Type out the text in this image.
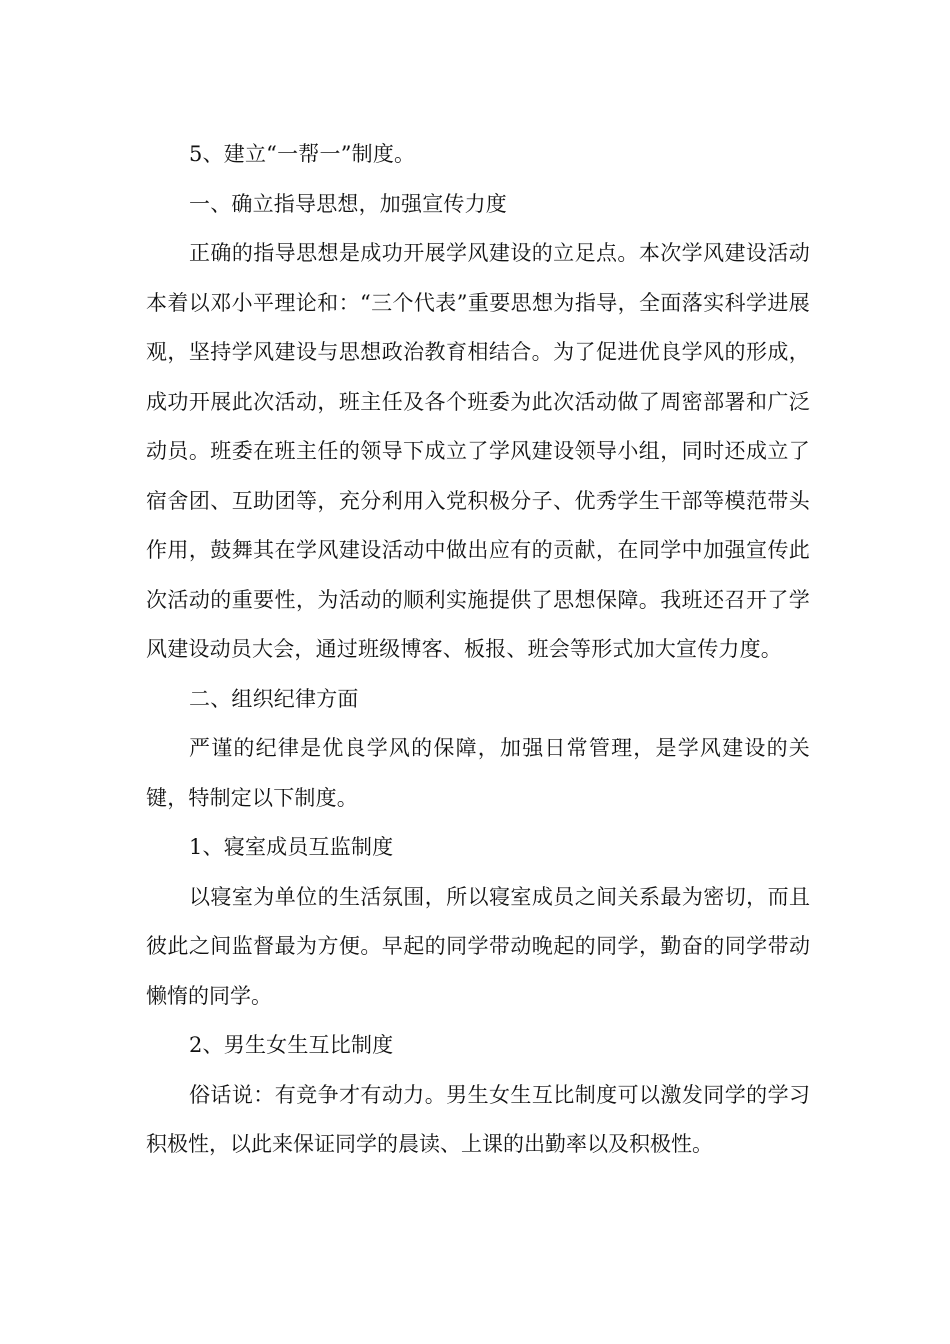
5、建立“一帮一”制度。

一、确立指导思想，加强宣传力度

正确的指导思想是成功开展学风建设的立足点。本次学风建设活动本着以邓小平理论和：“三个代表”重要思想为指导，全面落实科学进展观，坚持学风建设与思想政治教育相结合。为了促进优良学风的形成，成功开展此次活动，班主任及各个班委为此次活动做了周密部署和广泛动员。班委在班主任的领导下成立了学风建设领导小组，同时还成立了宿舍团、互助团等，充分利用入党积极分子、优秀学生干部等模范带头作用，鼓舞其在学风建设活动中做出应有的贡献，在同学中加强宣传此次活动的重要性，为活动的顺利实施提供了思想保障。我班还召开了学风建设动员大会，通过班级博客、板报、班会等形式加大宣传力度。

二、组织纪律方面

严谨的纪律是优良学风的保障，加强日常管理，是学风建设的关键，特制定以下制度。

1、寝室成员互监制度

以寝室为单位的生活氛围，所以寝室成员之间关系最为密切，而且彼此之间监督最为方便。早起的同学带动晚起的同学，勤奋的同学带动懒惰的同学。

2、男生女生互比制度

俗话说：有竞争才有动力。男生女生互比制度可以激发同学的学习积极性，以此来保证同学的晨读、上课的出勤率以及积极性。
